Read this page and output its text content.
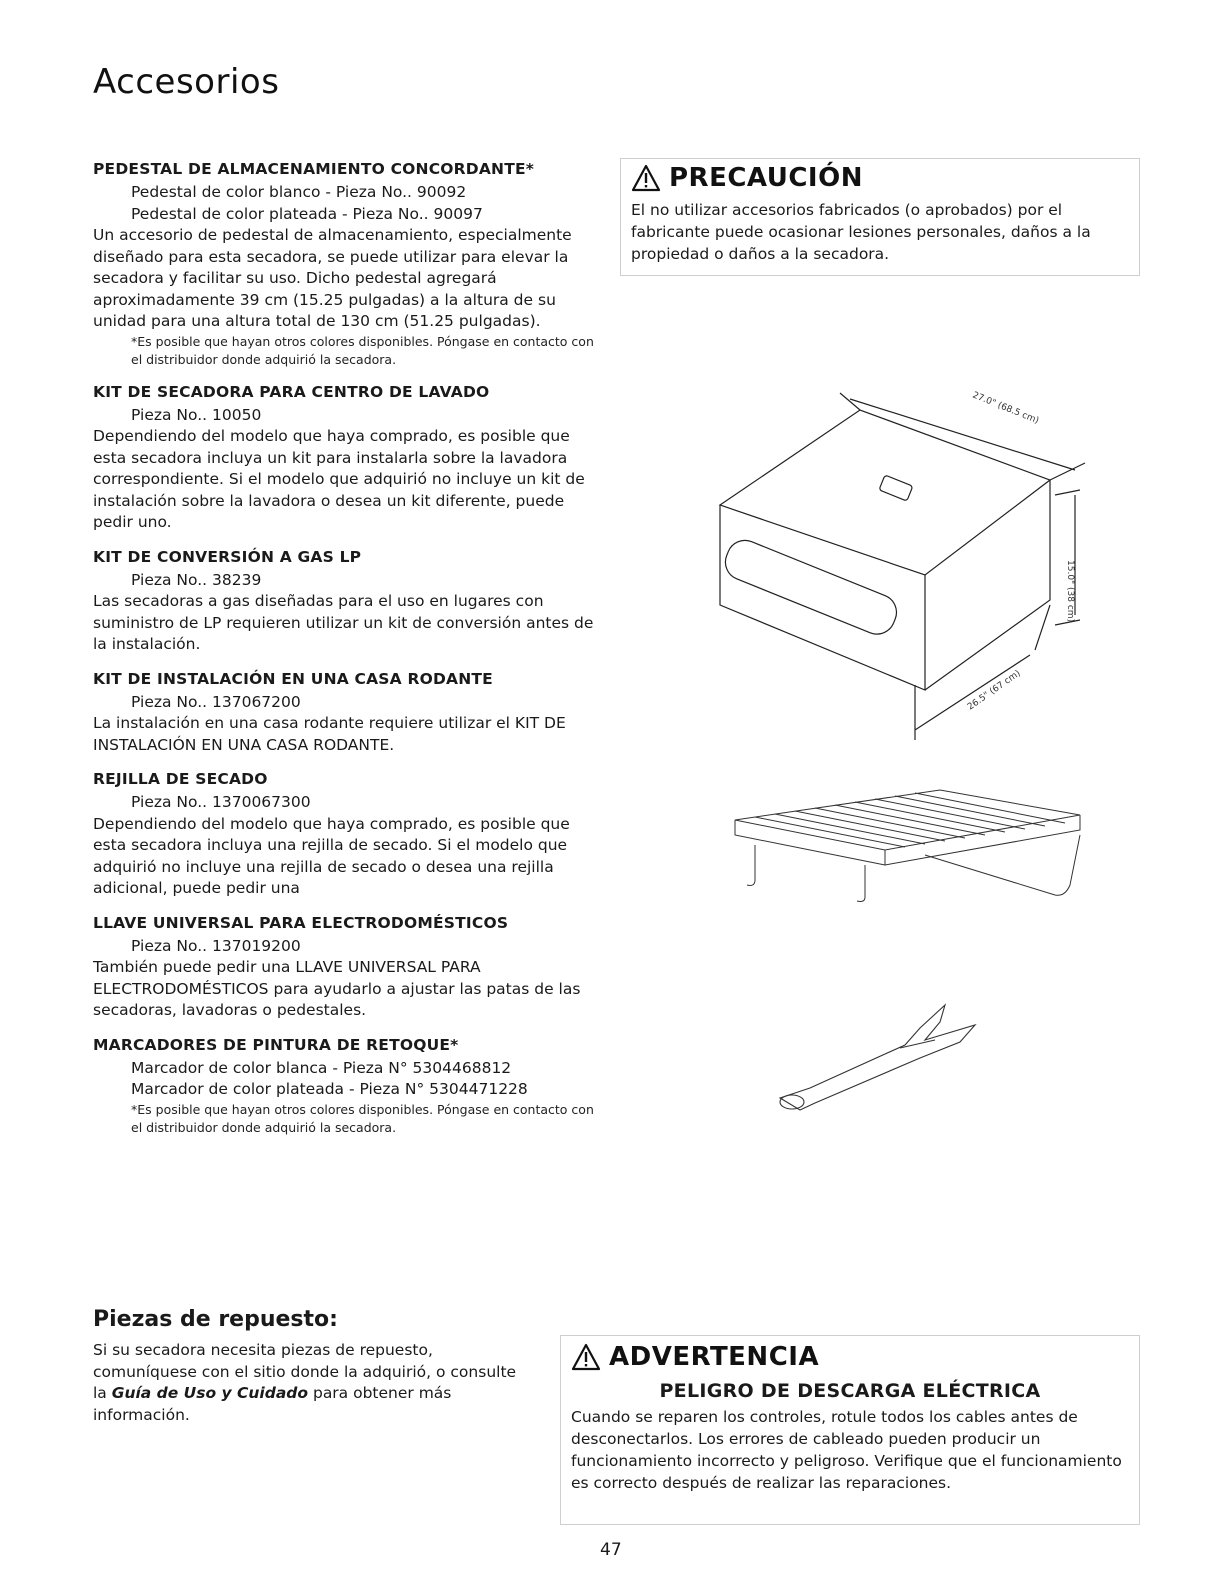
Accesorios
PEDESTAL DE ALMACENAMIENTO CONCORDANTE*
Pedestal de color blanco - Pieza No.. 90092
Pedestal de color plateada - Pieza No.. 90097
Un accesorio de pedestal de almacenamiento, especialmente diseñado para esta secadora, se puede utilizar para elevar la secadora y facilitar su uso. Dicho pedestal agregará aproximadamente 39 cm (15.25 pulgadas) a la altura de su unidad para una altura total de 130 cm (51.25 pulgadas).
*Es posible que hayan otros colores disponibles. Póngase en contacto con el distribuidor donde adquirió la secadora.
KIT DE SECADORA PARA CENTRO DE LAVADO
Pieza No.. 10050
Dependiendo del modelo que haya comprado, es posible que esta secadora incluya un kit para instalarla sobre la lavadora correspondiente. Si el modelo que adquirió no incluye un kit de instalación sobre la lavadora o desea un kit diferente, puede pedir uno.
KIT DE CONVERSIÓN A GAS LP
Pieza No.. 38239
Las secadoras a gas diseñadas para el uso en lugares con suministro de LP requieren utilizar un kit de conversión antes de la instalación.
KIT DE INSTALACIÓN EN UNA CASA RODANTE
Pieza No.. 137067200
La instalación en una casa rodante requiere utilizar el KIT DE INSTALACIÓN EN UNA CASA RODANTE.
REJILLA DE SECADO
Pieza No.. 1370067300
Dependiendo del modelo que haya comprado, es posible que esta secadora incluya una rejilla de secado. Si el modelo que adquirió no incluye una rejilla de secado o desea una rejilla adicional, puede pedir una
LLAVE UNIVERSAL PARA ELECTRODOMÉSTICOS
Pieza No.. 137019200
También puede pedir una LLAVE UNIVERSAL PARA ELECTRODOMÉSTICOS para ayudarlo a ajustar las patas de las secadoras, lavadoras o pedestales.
MARCADORES DE PINTURA DE RETOQUE*
Marcador de color blanca - Pieza N° 5304468812
Marcador de color plateada - Pieza N° 5304471228
*Es posible que hayan otros colores disponibles. Póngase en contacto con el distribuidor donde adquirió la secadora.
Piezas de repuesto:
Si su secadora necesita piezas de repuesto, comuníquese con el sitio donde la adquirió, o consulte la Guía de Uso y Cuidado para obtener más información.
PRECAUCIÓN
El no utilizar accesorios fabricados (o aprobados) por el fabricante puede ocasionar lesiones personales, daños a la propiedad o daños a la secadora.
ADVERTENCIA
PELIGRO DE DESCARGA ELÉCTRICA
Cuando se reparen los controles, rotule todos los cables antes de desconectarlos. Los errores de cableado pueden producir un funcionamiento incorrecto y peligroso. Verifique que el funcionamiento es correcto después de realizar las reparaciones.
27.0" (68.5 cm)
15.0" (38 cm)
26.5" (67 cm)
47
